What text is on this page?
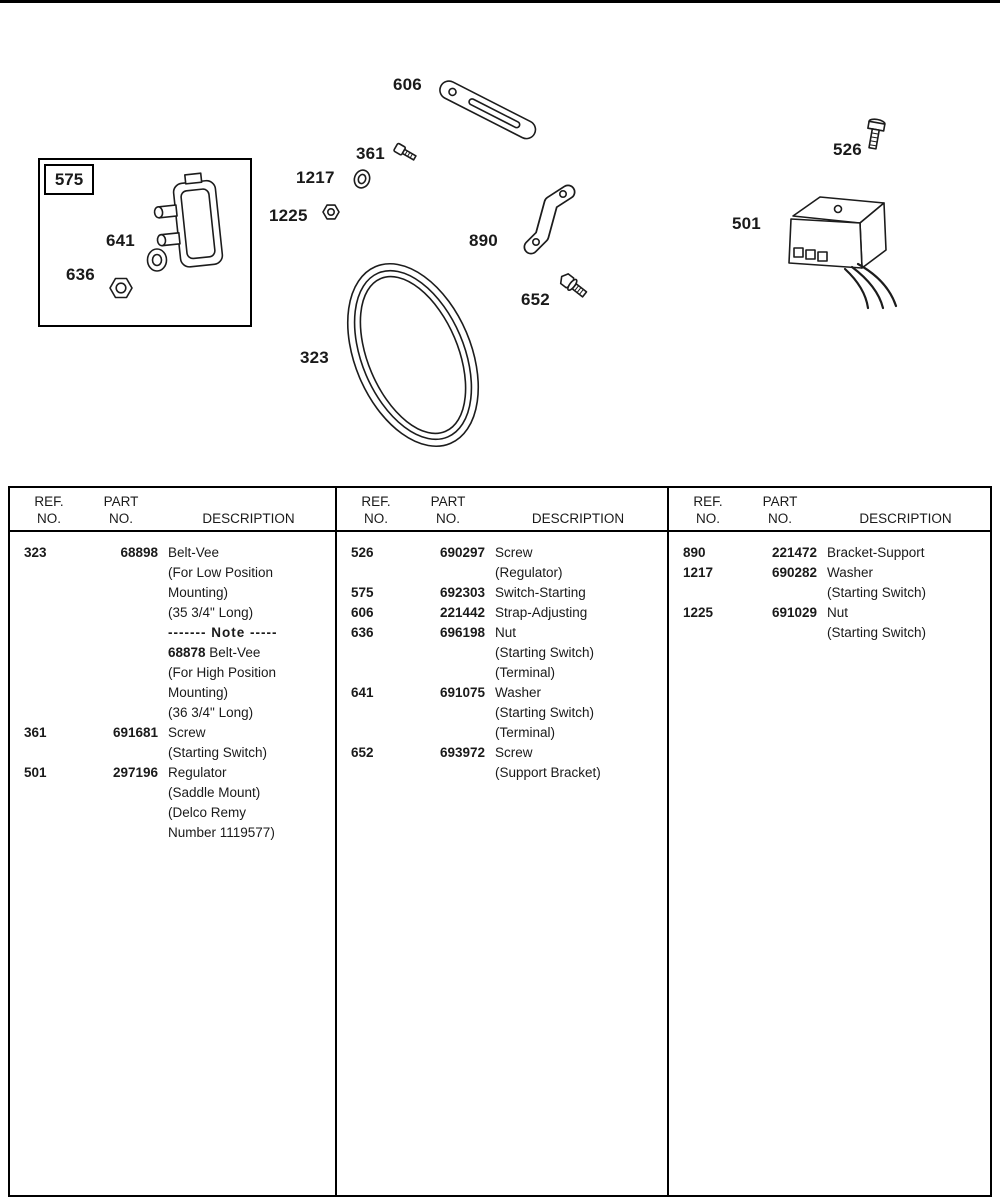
575
606
526
361
1217
1225
641
636
890
501
652
323
REF.
NO.
PART
NO.	DESCRIPTION
323	68898 Belt-Vee
(For Low Position
Mounting)
(35 3/4" Long)
------- Note -----
68878 Belt-Vee
(For High Position
Mounting)
(36 3/4" Long)
361	691681 Screw
(Starting Switch)
501	297196 Regulator
(Saddle Mount)
(Delco Remy
Number 1119577)
REF.
NO.
PART
NO.	DESCRIPTION
526	690297 Screw
(Regulator)
575	692303 Switch-Starting
606	221442 Strap-Adjusting
636	696198 Nut
(Starting Switch)
(Terminal)
641	691075 Washer
(Starting Switch)
(Terminal)
652	693972 Screw
(Support Bracket)
REF.
NO.
PART
NO.	DESCRIPTION
890	221472 Bracket-Support
1217	690282 Washer
(Starting Switch)
1225	691029 Nut
(Starting Switch)
